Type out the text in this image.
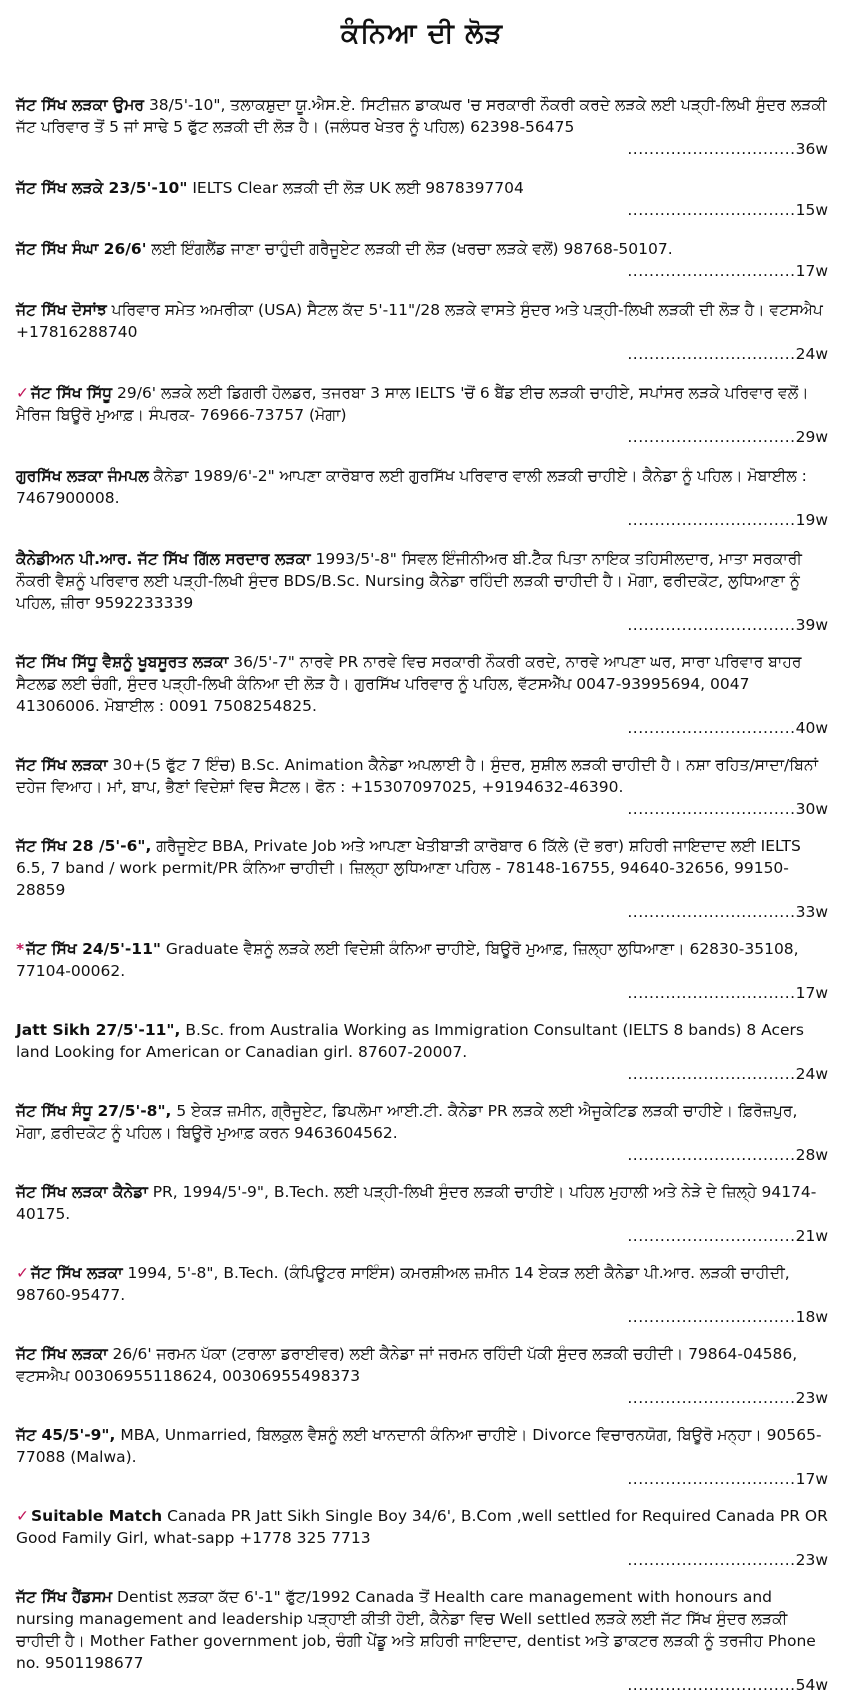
ਕੰਨਿਆ ਦੀ ਲੋੜ
ਜੱਟ ਸਿੱਖ ਲੜਕਾ ਉਮਰ 38/5'-10", ਤਲਾਕਸ਼ੁਦਾ ਯੂ.ਐਸ.ਏ. ਸਿਟੀਜ਼ਨ ਡਾਕਘਰ 'ਚ ਸਰਕਾਰੀ ਨੌਕਰੀ ਕਰਦੇ ਲੜਕੇ ਲਈ ਪੜ੍ਹੀ-ਲਿਖੀ ਸੁੰਦਰ ਲੜਕੀ ਜੱਟ ਪਰਿਵਾਰ ਤੋਂ 5 ਜਾਂ ਸਾਢੇ 5 ਫੁੱਟ ਲੜਕੀ ਦੀ ਲੋੜ ਹੈ। (ਜਲੰਧਰ ਖੇਤਰ ਨੂੰ ਪਹਿਲ) 62398-56475
...............................36w
ਜੱਟ ਸਿੱਖ ਲੜਕੇ 23/5'-10" IELTS Clear ਲੜਕੀ ਦੀ ਲੋੜ UK ਲਈ 9878397704
...............................15w
ਜੱਟ ਸਿੱਖ ਸੰਘਾ 26/6' ਲਈ ਇੰਗਲੈਂਡ ਜਾਣਾ ਚਾਹੁੰਦੀ ਗਰੈਜੂਏਟ ਲੜਕੀ ਦੀ ਲੋੜ (ਖਰਚਾ ਲੜਕੇ ਵਲੋਂ) 98768-50107.
...............................17w
ਜੱਟ ਸਿੱਖ ਦੋਸਾਂਝ ਪਰਿਵਾਰ ਸਮੇਤ ਅਮਰੀਕਾ (USA) ਸੈਟਲ ਕੱਦ 5'-11"/28 ਲੜਕੇ ਵਾਸਤੇ ਸੁੰਦਰ ਅਤੇ ਪੜ੍ਹੀ-ਲਿਖੀ ਲੜਕੀ ਦੀ ਲੋੜ ਹੈ। ਵਟਸਐਪ +17816288740
...............................24w
✓ ਜੱਟ ਸਿੱਖ ਸਿੱਧੂ 29/6' ਲੜਕੇ ਲਈ ਡਿਗਰੀ ਹੋਲਡਰ, ਤਜਰਬਾ 3 ਸਾਲ IELTS 'ਚੋਂ 6 ਬੈਂਡ ਈਚ ਲੜਕੀ ਚਾਹੀਏ, ਸਪਾਂਸਰ ਲੜਕੇ ਪਰਿਵਾਰ ਵਲੋਂ। ਮੈਰਿਜ ਬਿਊਰੋ ਮੁਆਫ਼। ਸੰਪਰਕ- 76966-73757 (ਮੋਗਾ)
...............................29w
ਗੁਰਸਿੱਖ ਲੜਕਾ ਜੰਮਪਲ ਕੈਨੇਡਾ 1989/6'-2" ਆਪਣਾ ਕਾਰੋਬਾਰ ਲਈ ਗੁਰਸਿੱਖ ਪਰਿਵਾਰ ਵਾਲੀ ਲੜਕੀ ਚਾਹੀਏ। ਕੈਨੇਡਾ ਨੂੰ ਪਹਿਲ। ਮੋਬਾਈਲ : 7467900008.
...............................19w
ਕੈਨੇਡੀਅਨ ਪੀ.ਆਰ. ਜੱਟ ਸਿੱਖ ਗਿੱਲ ਸਰਦਾਰ ਲੜਕਾ 1993/5'-8" ਸਿਵਲ ਇੰਜੀਨੀਅਰ ਬੀ.ਟੈੱਕ ਪਿਤਾ ਨਾਇਕ ਤਹਿਸੀਲਦਾਰ, ਮਾਤਾ ਸਰਕਾਰੀ ਨੌਕਰੀ ਵੈਸ਼ਨੂੰ ਪਰਿਵਾਰ ਲਈ ਪੜ੍ਹੀ-ਲਿਖੀ ਸੁੰਦਰ BDS/B.Sc. Nursing ਕੈਨੇਡਾ ਰਹਿੰਦੀ ਲੜਕੀ ਚਾਹੀਦੀ ਹੈ। ਮੋਗਾ, ਫਰੀਦਕੋਟ, ਲੁਧਿਆਣਾ ਨੂੰ ਪਹਿਲ, ਜ਼ੀਰਾ 9592233339
...............................39w
ਜੱਟ ਸਿੱਖ ਸਿੱਧੂ ਵੈਸ਼ਨੂੰ ਖੂਬਸੂਰਤ ਲੜਕਾ 36/5'-7" ਨਾਰਵੇ PR ਨਾਰਵੇ ਵਿਚ ਸਰਕਾਰੀ ਨੌਕਰੀ ਕਰਦੇ, ਨਾਰਵੇ ਆਪਣਾ ਘਰ, ਸਾਰਾ ਪਰਿਵਾਰ ਬਾਹਰ ਸੈਟਲਡ ਲਈ ਚੰਗੀ, ਸੁੰਦਰ ਪੜ੍ਹੀ-ਲਿਖੀ ਕੰਨਿਆ ਦੀ ਲੋੜ ਹੈ। ਗੁਰਸਿੱਖ ਪਰਿਵਾਰ ਨੂੰ ਪਹਿਲ, ਵੱਟਸਐੱਪ 0047-93995694, 0047 41306006. ਮੋਬਾਈਲ : 0091 7508254825.
...............................40w
ਜੱਟ ਸਿੱਖ ਲੜਕਾ 30+(5 ਫੁੱਟ 7 ਇੰਚ) B.Sc. Animation ਕੈਨੇਡਾ ਅਪਲਾਈ ਹੈ। ਸੁੰਦਰ, ਸੁਸ਼ੀਲ ਲੜਕੀ ਚਾਹੀਦੀ ਹੈ। ਨਸ਼ਾ ਰਹਿਤ/ਸਾਦਾ/ਬਿਨਾਂ ਦਹੇਜ ਵਿਆਹ। ਮਾਂ, ਬਾਪ, ਭੈਣਾਂ ਵਿਦੇਸ਼ਾਂ ਵਿਚ ਸੈਟਲ। ਫੋਨ : +15307097025, +9194632-46390.
...............................30w
ਜੱਟ ਸਿੱਖ 28 /5'-6", ਗਰੈਜੂਏਟ BBA, Private Job ਅਤੇ ਆਪਣਾ ਖੇਤੀਬਾੜੀ ਕਾਰੋਬਾਰ 6 ਕਿੱਲੇ (ਦੋ ਭਰਾ) ਸ਼ਹਿਰੀ ਜਾਇਦਾਦ ਲਈ IELTS 6.5, 7 band / work permit/PR ਕੰਨਿਆ ਚਾਹੀਦੀ। ਜ਼ਿਲ੍ਹਾ ਲੁਧਿਆਣਾ ਪਹਿਲ - 78148-16755, 94640-32656, 99150-28859
...............................33w
* ਜੱਟ ਸਿੱਖ 24/5'-11" Graduate ਵੈਸ਼ਨੂੰ ਲੜਕੇ ਲਈ ਵਿਦੇਸ਼ੀ ਕੰਨਿਆ ਚਾਹੀਏ, ਬਿਊਰੋ ਮੁਆਫ਼, ਜ਼ਿਲ੍ਹਾ ਲੁਧਿਆਣਾ। 62830-35108, 77104-00062.
...............................17w
Jatt Sikh 27/5'-11", B.Sc. from Australia Working as Immigration Consultant (IELTS 8 bands) 8 Acers land Looking for American or Canadian girl. 87607-20007.
...............................24w
ਜੱਟ ਸਿੱਖ ਸੰਧੂ 27/5'-8", 5 ਏਕੜ ਜ਼ਮੀਨ, ਗ੍ਰੈਜੂਏਟ, ਡਿਪਲੋਮਾ ਆਈ.ਟੀ. ਕੈਨੇਡਾ PR ਲੜਕੇ ਲਈ ਐਜੂਕੇਟਿਡ ਲੜਕੀ ਚਾਹੀਏ। ਫ਼ਿਰੋਜ਼ਪੁਰ, ਮੋਗਾ, ਫ਼ਰੀਦਕੋਟ ਨੂੰ ਪਹਿਲ। ਬਿਊਰੋ ਮੁਆਫ਼ ਕਰਨ 9463604562.
...............................28w
ਜੱਟ ਸਿੱਖ ਲੜਕਾ ਕੈਨੇਡਾ PR, 1994/5'-9", B.Tech. ਲਈ ਪੜ੍ਹੀ-ਲਿਖੀ ਸੁੰਦਰ ਲੜਕੀ ਚਾਹੀਏ। ਪਹਿਲ ਮੁਹਾਲੀ ਅਤੇ ਨੇੜੇ ਦੇ ਜ਼ਿਲ੍ਹੇ 94174-40175.
...............................21w
✓ ਜੱਟ ਸਿੱਖ ਲੜਕਾ 1994, 5'-8", B.Tech. (ਕੰਪਿਊਟਰ ਸਾਇੰਸ) ਕਮਰਸ਼ੀਅਲ ਜ਼ਮੀਨ 14 ਏਕੜ ਲਈ ਕੈਨੇਡਾ ਪੀ.ਆਰ. ਲੜਕੀ ਚਾਹੀਦੀ, 98760-95477.
...............................18w
ਜੱਟ ਸਿੱਖ ਲੜਕਾ 26/6' ਜਰਮਨ ਪੱਕਾ (ਟਰਾਲਾ ਡਰਾਈਵਰ) ਲਈ ਕੈਨੇਡਾ ਜਾਂ ਜਰਮਨ ਰਹਿੰਦੀ ਪੱਕੀ ਸੁੰਦਰ ਲੜਕੀ ਚਹੀਦੀ। 79864-04586, ਵਟਸਐਪ 00306955118624, 00306955498373
...............................23w
ਜੱਟ 45/5'-9", MBA, Unmarried, ਬਿਲਕੁਲ ਵੈਸ਼ਨੂੰ ਲਈ ਖਾਨਦਾਨੀ ਕੰਨਿਆ ਚਾਹੀਏ। Divorce ਵਿਚਾਰਨਯੋਗ, ਬਿਊਰੋ ਮਨ੍ਹਾ। 90565-77088 (Malwa).
...............................17w
✓ Suitable Match Canada PR Jatt Sikh Single Boy 34/6', B.Com ,well settled for Required Canada PR OR Good Family Girl, what-sapp +1778 325 7713
...............................23w
ਜੱਟ ਸਿੱਖ ਹੈਂਡਸਮ Dentist ਲੜਕਾ ਕੱਦ 6'-1" ਫੁੱਟ/1992 Canada ਤੋਂ Health care management with honours and nursing management and leadership ਪੜ੍ਹਾਈ ਕੀਤੀ ਹੋਈ, ਕੈਨੇਡਾ ਵਿਚ Well settled ਲੜਕੇ ਲਈ ਜੱਟ ਸਿੱਖ ਸੁੰਦਰ ਲੜਕੀ ਚਾਹੀਦੀ ਹੈ। Mother Father government job, ਚੰਗੀ ਪੇਂਡੂ ਅਤੇ ਸ਼ਹਿਰੀ ਜਾਇਦਾਦ, dentist ਅਤੇ ਡਾਕਟਰ ਲੜਕੀ ਨੂੰ ਤਰਜੀਹ Phone no. 9501198677
...............................54w
